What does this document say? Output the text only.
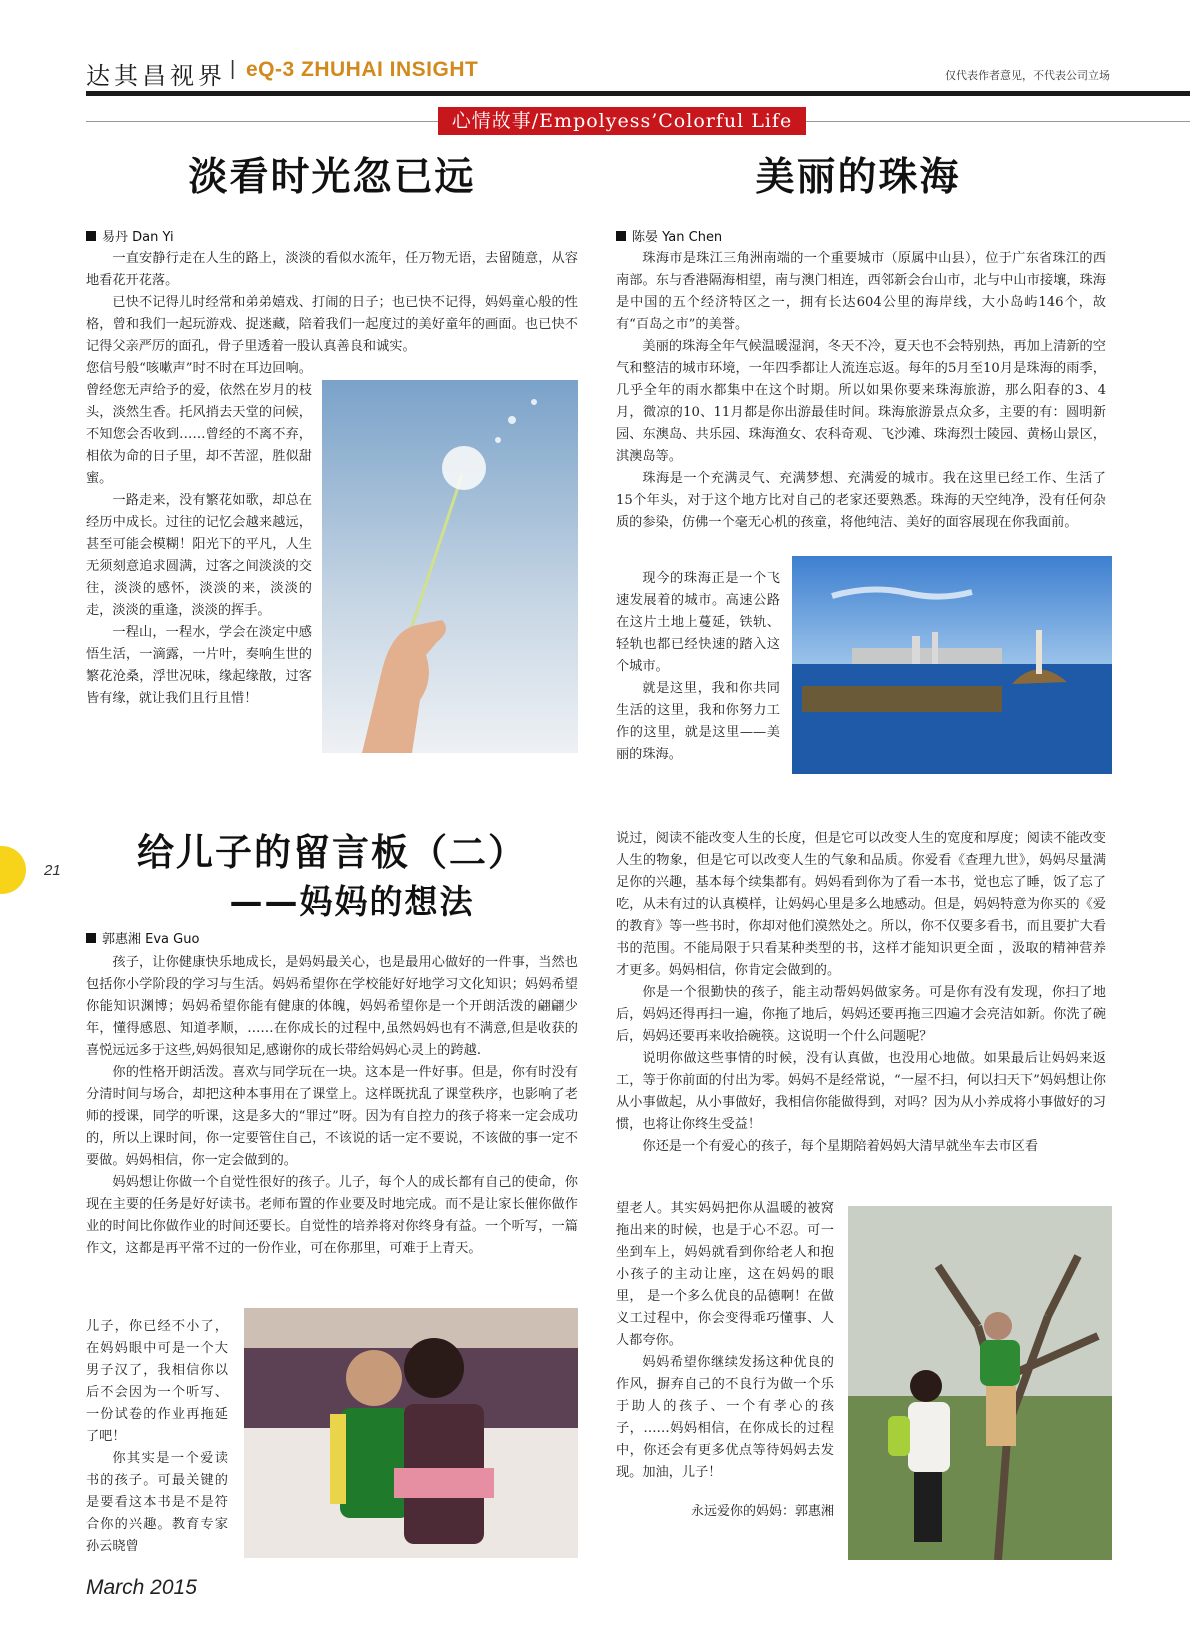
达其昌视界 | eQ-3 ZHUHAI INSIGHT	仅代表作者意见，不代表公司立场
心情故事/Empolyess’Colorful Life
淡看时光忽已远
易丹 Dan Yi

一直安静行走在人生的路上，淡淡的看似水流年，任万物无语，去留随意，从容地看花开花落。

已快不记得儿时经常和弟弟嬉戏、打闹的日子；也已快不记得，妈妈童心般的性格，曾和我们一起玩游戏、捉迷藏，陪着我们一起度过的美好童年的画面。也已快不记得父亲严厉的面孔，骨子里透着一股认真善良和诚实。

您信号般“咳嗽声”时不时在耳边回响。曾经您无声给予的爱，依然在岁月的枝头，淡然生香。托风捎去天堂的问候，不知您会否收到……曾经的不离不弃，相依为命的日子里，却不苦涩，胜似甜蜜。

一路走来，没有繁花如歌，却总在经历中成长。过往的记忆会越来越远，甚至可能会模糊！阳光下的平凡，人生无须刻意追求圆满，过客之间淡淡的交往，淡淡的感怀，淡淡的来，淡淡的走，淡淡的重逢，淡淡的挥手。

一程山，一程水，学会在淡定中感悟生活，一滴露，一片叶，奏响生世的繁花沧桑，浮世况味，缘起缘散，过客皆有缘，就让我们且行且惜！

美丽的珠海
陈晏 Yan Chen

珠海市是珠江三角洲南端的一个重要城市（原属中山县），位于广东省珠江的西南部。东与香港隔海相望，南与澳门相连，西邻新会台山市，北与中山市接壤，珠海是中国的五个经济特区之一，拥有长达604公里的海岸线，大小岛屿146个，故有“百岛之市”的美誉。

美丽的珠海全年气候温暖湿润，冬天不冷，夏天也不会特别热，再加上清新的空气和整洁的城市环境，一年四季都让人流连忘返。每年的5月至10月是珠海的雨季，几乎全年的雨水都集中在这个时期。所以如果你要来珠海旅游，那么阳春的3、4月，微凉的10、11月都是你出游最佳时间。珠海旅游景点众多，主要的有：圆明新园、东澳岛、共乐园、珠海渔女、农科奇观、飞沙滩、珠海烈士陵园、黄杨山景区，淇澳岛等。

珠海是一个充满灵气、充满梦想、充满爱的城市。我在这里已经工作、生活了15个年头，对于这个地方比对自己的老家还要熟悉。珠海的天空纯净，没有任何杂质的参染，仿佛一个毫无心机的孩童，将他纯洁、美好的面容展现在你我面前。

现今的珠海正是一个飞速发展着的城市。高速公路在这片土地上蔓延，铁轨、轻轨也都已经快速的踏入这个城市。

就是这里，我和你共同生活的这里，我和你努力工作的这里，就是这里——美丽的珠海。

给儿子的留言板（二）
——妈妈的想法
郭惠湘 Eva Guo

孩子，让你健康快乐地成长，是妈妈最关心，也是最用心做好的一件事，当然也包括你小学阶段的学习与生活。妈妈希望你在学校能好好地学习文化知识；妈妈希望你能知识渊博；妈妈希望你能有健康的体魄，妈妈希望你是一个开朗活泼的翩翩少年，懂得感恩、知道孝顺，……在你成长的过程中,虽然妈妈也有不满意,但是收获的喜悦远远多于这些,妈妈很知足,感谢你的成长带给妈妈心灵上的跨越.

你的性格开朗活泼。喜欢与同学玩在一块。这本是一件好事。但是，你有时没有分清时间与场合，却把这种本事用在了课堂上。这样既扰乱了课堂秩序，也影响了老师的授课，同学的听课，这是多大的“罪过”呀。因为有自控力的孩子将来一定会成功的，所以上课时间，你一定要管住自己，不该说的话一定不要说，不该做的事一定不要做。妈妈相信，你一定会做到的。

妈妈想让你做一个自觉性很好的孩子。儿子，每个人的成长都有自己的使命，你现在主要的任务是好好读书。老师布置的作业要及时地完成。而不是让家长催你做作业的时间比你做作业的时间还要长。自觉性的培养将对你终身有益。一个听写，一篇作文，这都是再平常不过的一份作业，可在你那里，可难于上青天。

儿子，你已经不小了，在妈妈眼中可是一个大男子汉了，我相信你以后不会因为一个听写、一份试卷的作业再拖延了吧！

你其实是一个爱读书的孩子。可最关键的是要看这本书是不是符合你的兴趣。教育专家孙云晓曾

说过，阅读不能改变人生的长度，但是它可以改变人生的宽度和厚度；阅读不能改变人生的物象，但是它可以改变人生的气象和品质。你爱看《查理九世》，妈妈尽量满足你的兴趣，基本每个续集都有。妈妈看到你为了看一本书，觉也忘了睡，饭了忘了吃，从未有过的认真模样，让妈妈心里是多么地感动。但是，妈妈特意为你买的《爱的教育》等一些书时，你却对他们漠然处之。所以，你不仅要多看书，而且要扩大看书的范围。不能局限于只看某种类型的书，这样才能知识更全面 ，汲取的精神营养才更多。妈妈相信，你肯定会做到的。

你是一个很勤快的孩子，能主动帮妈妈做家务。可是你有没有发现，你扫了地后，妈妈还得再扫一遍，你拖了地后，妈妈还要再拖三四遍才会亮洁如新。你洗了碗后，妈妈还要再来收拾碗筷。这说明一个什么问题呢？

说明你做这些事情的时候，没有认真做，也没用心地做。如果最后让妈妈来返工，等于你前面的付出为零。妈妈不是经常说，“一屋不扫，何以扫天下”妈妈想让你从小事做起，从小事做好，我相信你能做得到，对吗？因为从小养成将小事做好的习惯，也将让你终生受益！

你还是一个有爱心的孩子，每个星期陪着妈妈大清早就坐车去市区看

望老人。其实妈妈把你从温暖的被窝拖出来的时候，也是于心不忍。可一坐到车上，妈妈就看到你给老人和抱小孩子的主动让座，这在妈妈的眼里， 是一个多么优良的品德啊！在做义工过程中，你会变得乖巧懂事、人人都夸你。

妈妈希望你继续发扬这种优良的作风，摒弃自己的不良行为做一个乐于助人的孩子、一个有孝心的孩子，……妈妈相信，在你成长的过程中，你还会有更多优点等待妈妈去发现。加油，儿子！

永远爱你的妈妈：郭惠湘
21
March 2015
